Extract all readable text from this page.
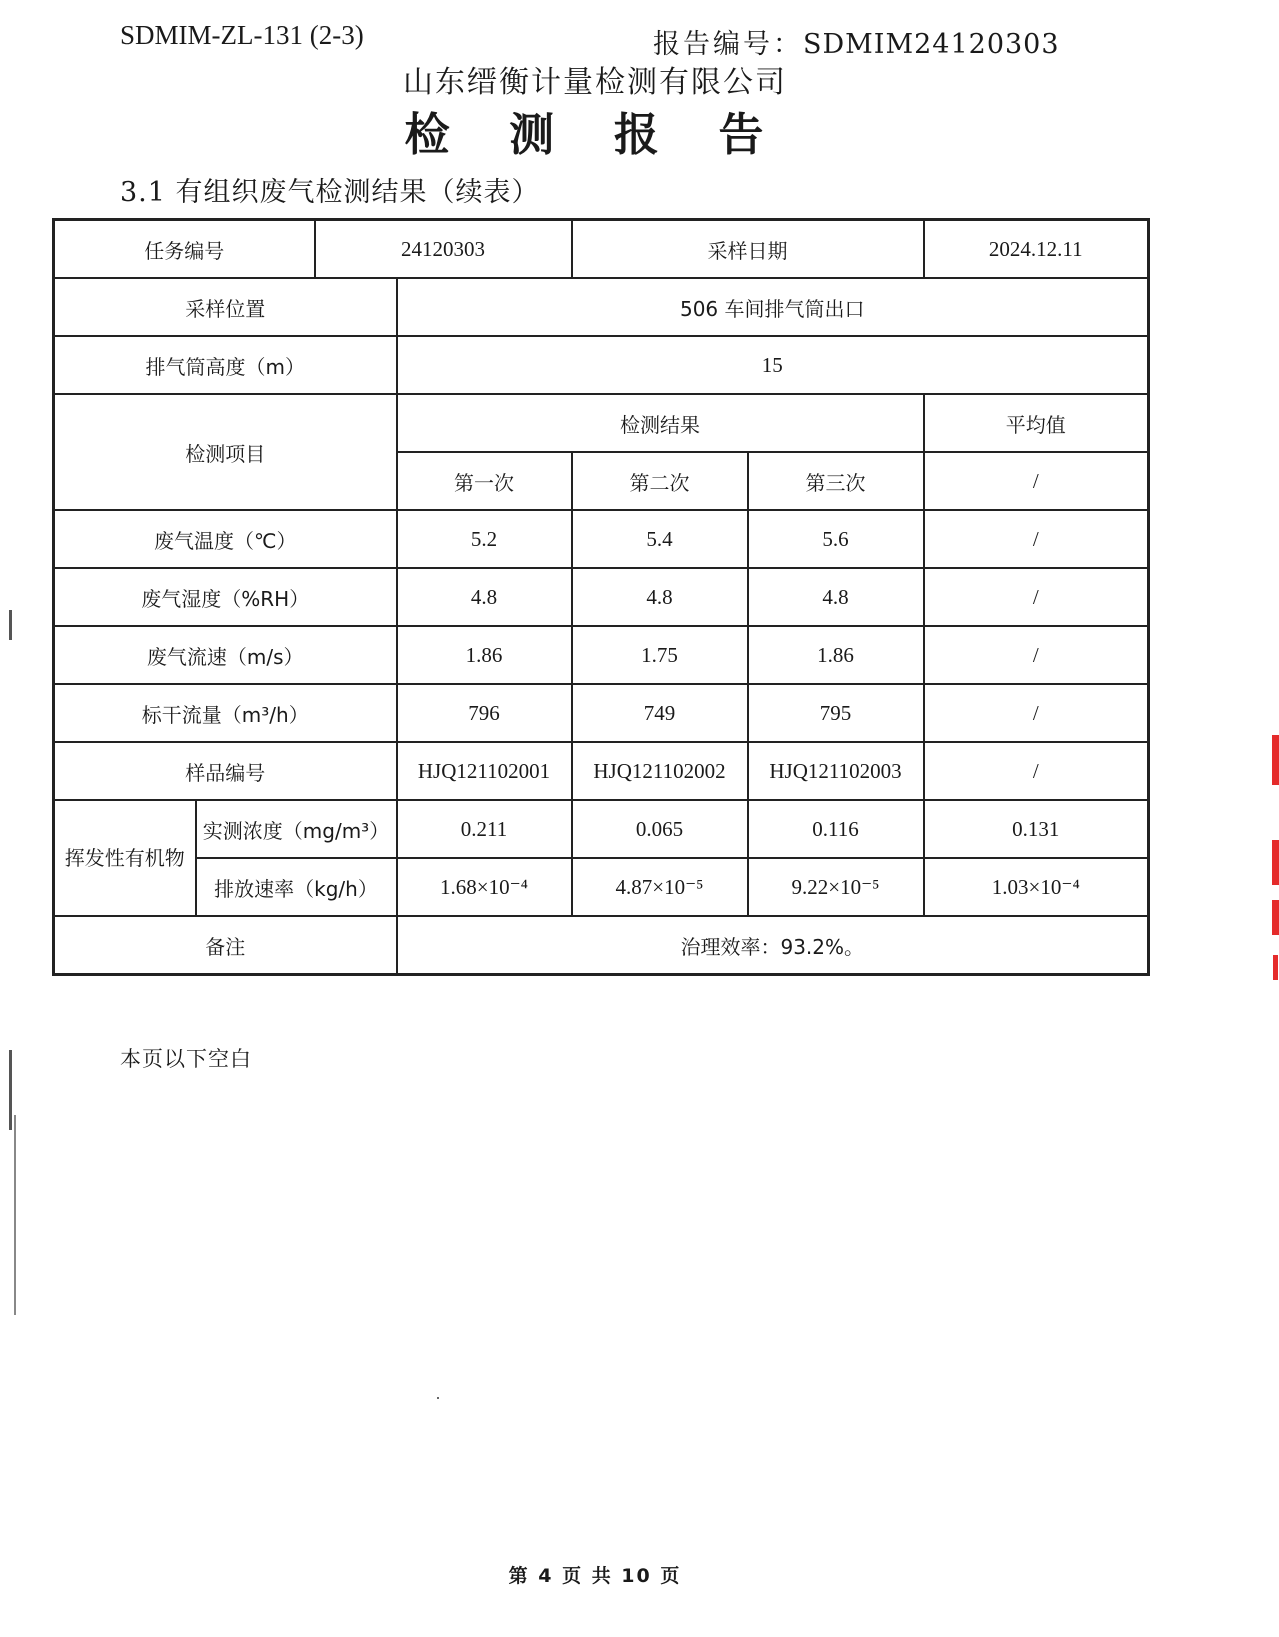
SDMIM-ZL-131 (2-3)	报告编号：SDMIM24120303
山东缙衡计量检测有限公司
检 测 报 告
3.1 有组织废气检测结果（续表）
任务编号		24120303		采样日期		2024.12.11
采样位置			506 车间排气筒出口			
排气筒高度（m）			15			
检测项目			检测结果			平均值
			第一次	第二次	第三次	/
废气温度（℃）			5.2	5.4	5.6	/
废气湿度（%RH）			4.8	4.8	4.8	/
废气流速（m/s）			1.86	1.75	1.86	/
标干流量（m³/h）			796	749	795	/
样品编号			HJQ121102001	HJQ121102002	HJQ121102003	/
挥发性有机物	实测浓度（mg/m³）		0.211	0.065	0.116	0.131
	排放速率（kg/h）		1.68×10⁻⁴	4.87×10⁻⁵	9.22×10⁻⁵	1.03×10⁻⁴
备注			治理效率：93.2%。			
本页以下空白
第 4 页 共 10 页
